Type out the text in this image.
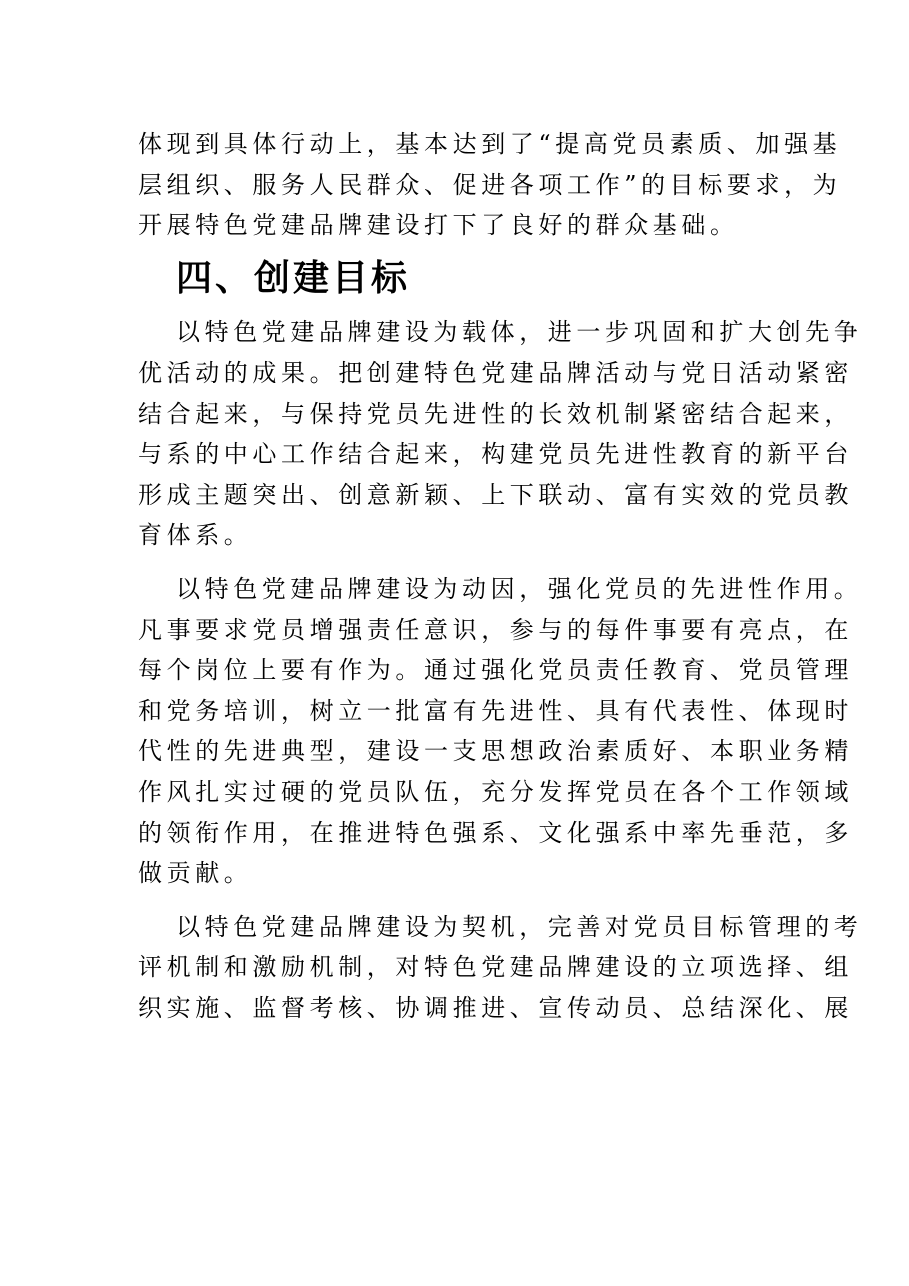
体现到具体行动上，基本达到了“提高党员素质、加强基
层组织、服务人民群众、促进各项工作”的目标要求，为
开展特色党建品牌建设打下了良好的群众基础。

四、创建目标

以特色党建品牌建设为载体，进一步巩固和扩大创先争
优活动的成果。把创建特色党建品牌活动与党日活动紧密
结合起来，与保持党员先进性的长效机制紧密结合起来，
与系的中心工作结合起来，构建党员先进性教育的新平台
形成主题突出、创意新颖、上下联动、富有实效的党员教
育体系。

以特色党建品牌建设为动因，强化党员的先进性作用。
凡事要求党员增强责任意识，参与的每件事要有亮点，在
每个岗位上要有作为。通过强化党员责任教育、党员管理
和党务培训，树立一批富有先进性、具有代表性、体现时
代性的先进典型，建设一支思想政治素质好、本职业务精
作风扎实过硬的党员队伍，充分发挥党员在各个工作领域
的领衔作用，在推进特色强系、文化强系中率先垂范，多
做贡献。

以特色党建品牌建设为契机，完善对党员目标管理的考
评机制和激励机制，对特色党建品牌建设的立项选择、组
织实施、监督考核、协调推进、宣传动员、总结深化、展
